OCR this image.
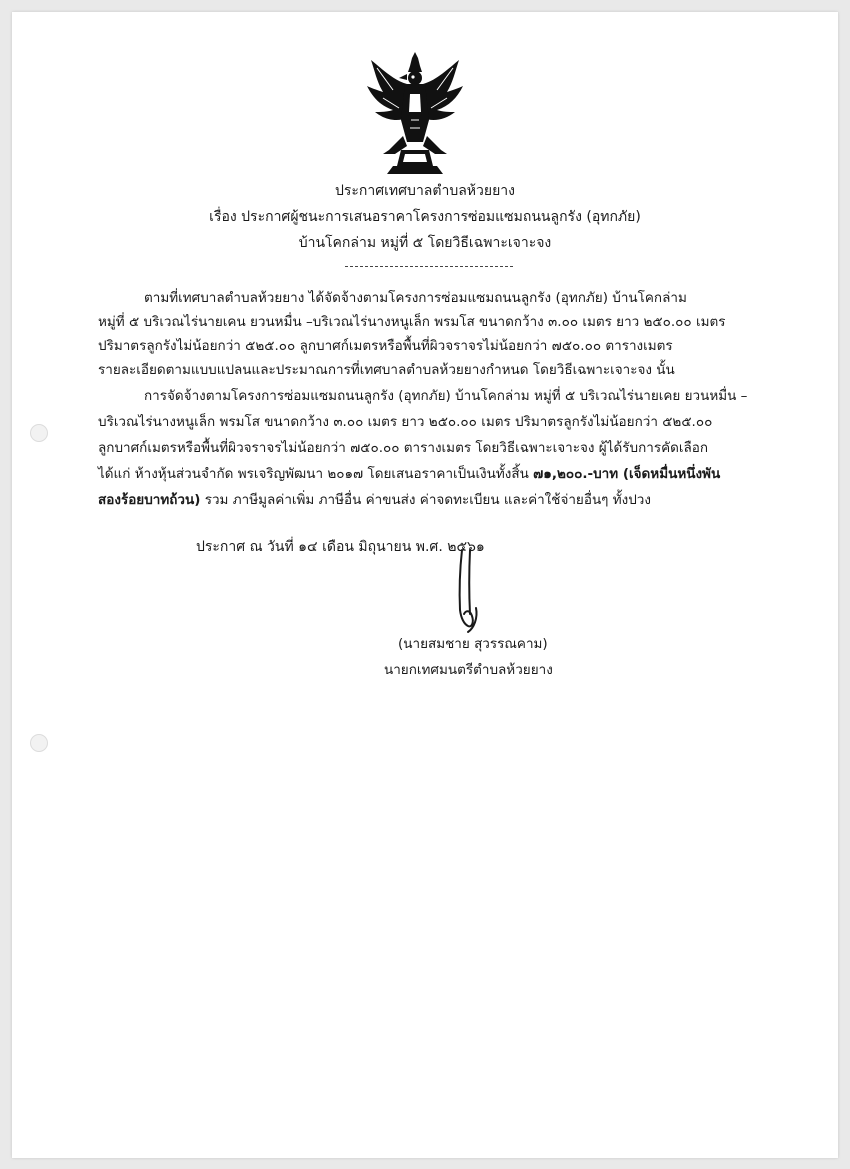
ประกาศเทศบาลตำบลห้วยยาง
เรื่อง ประกาศผู้ชนะการเสนอราคาโครงการซ่อมแซมถนนลูกรัง (อุทกภัย)
บ้านโคกล่าม หมู่ที่ ๕ โดยวิธีเฉพาะเจาะจง
ตามที่เทศบาลตำบลห้วยยาง ได้จัดจ้างตามโครงการซ่อมแซมถนนลูกรัง (อุทกภัย) บ้านโคกล่าม
หมู่ที่ ๕ บริเวณไร่นายเคน ยวนหมื่น –บริเวณไร่นางหนูเล็ก พรมโส ขนาดกว้าง ๓.๐๐ เมตร ยาว ๒๕๐.๐๐ เมตร
ปริมาตรลูกรังไม่น้อยกว่า ๕๒๕.๐๐ ลูกบาศก์เมตรหรือพื้นที่ผิวจราจรไม่น้อยกว่า ๗๕๐.๐๐ ตารางเมตร
รายละเอียดตามแบบแปลนและประมาณการที่เทศบาลตำบลห้วยยางกำหนด โดยวิธีเฉพาะเจาะจง นั้น
การจัดจ้างตามโครงการซ่อมแซมถนนลูกรัง (อุทกภัย) บ้านโคกล่าม หมู่ที่ ๕ บริเวณไร่นายเคย ยวนหมื่น –
บริเวณไร่นางหนูเล็ก พรมโส ขนาดกว้าง ๓.๐๐ เมตร ยาว ๒๕๐.๐๐ เมตร ปริมาตรลูกรังไม่น้อยกว่า ๕๒๕.๐๐
ลูกบาศก์เมตรหรือพื้นที่ผิวจราจรไม่น้อยกว่า ๗๕๐.๐๐ ตารางเมตร โดยวิธีเฉพาะเจาะจง ผู้ได้รับการคัดเลือก
ได้แก่ ห้างหุ้นส่วนจำกัด พรเจริญพัฒนา ๒๐๑๗ โดยเสนอราคาเป็นเงินทั้งสิ้น ๗๑,๒๐๐.-บาท (เจ็ดหมื่นหนึ่งพัน
สองร้อยบาทถ้วน) รวม ภาษีมูลค่าเพิ่ม ภาษีอื่น ค่าขนส่ง ค่าจดทะเบียน และค่าใช้จ่ายอื่นๆ ทั้งปวง
ประกาศ ณ วันที่ ๑๔ เดือน มิถุนายน พ.ศ. ๒๕๖๑
(นายสมชาย สุวรรณคาม)
นายกเทศมนตรีตำบลห้วยยาง
